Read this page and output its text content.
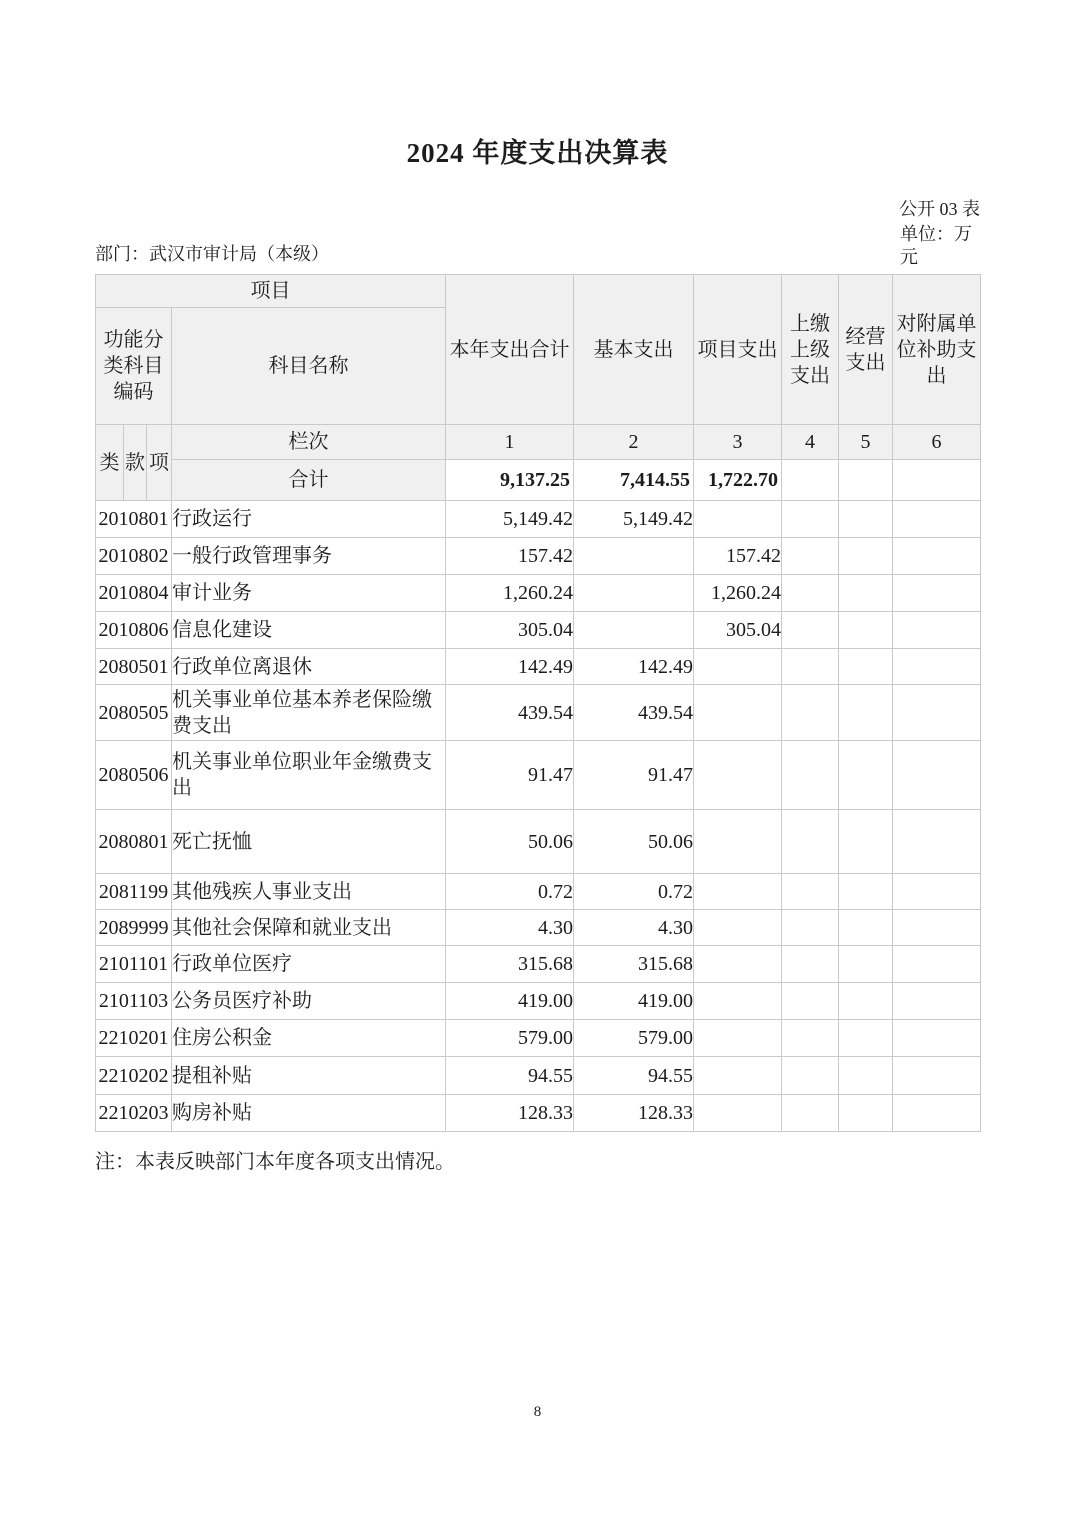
2024 年度支出决算表
公开 03 表
部门：武汉市审计局（本级）
单位：万元
项目				本年支出合计	基本支出	项目支出	上缴上级支出	经营支出	对附属单位补助支出

功能分类科目编码			科目名称						
类	款	项	栏次	1	2	3	4	5	6
			合计	9,137.25	7,414.55	1,722.70			
2010801			行政运行	5,149.42	5,149.42				
2010802			一般行政管理事务	157.42		157.42			
2010804			审计业务	1,260.24		1,260.24			
2010806			信息化建设	305.04		305.04			
2080501			行政单位离退休	142.49	142.49				
2080505			机关事业单位基本养老保险缴费支出	439.54	439.54				
2080506			机关事业单位职业年金缴费支出	91.47	91.47				
2080801			死亡抚恤	50.06	50.06				
2081199			其他残疾人事业支出	0.72	0.72				
2089999			其他社会保障和就业支出	4.30	4.30				
2101101			行政单位医疗	315.68	315.68				
2101103			公务员医疗补助	419.00	419.00				
2210201			住房公积金	579.00	579.00				
2210202			提租补贴	94.55	94.55				
2210203			购房补贴	128.33	128.33				
注：本表反映部门本年度各项支出情况。
8
